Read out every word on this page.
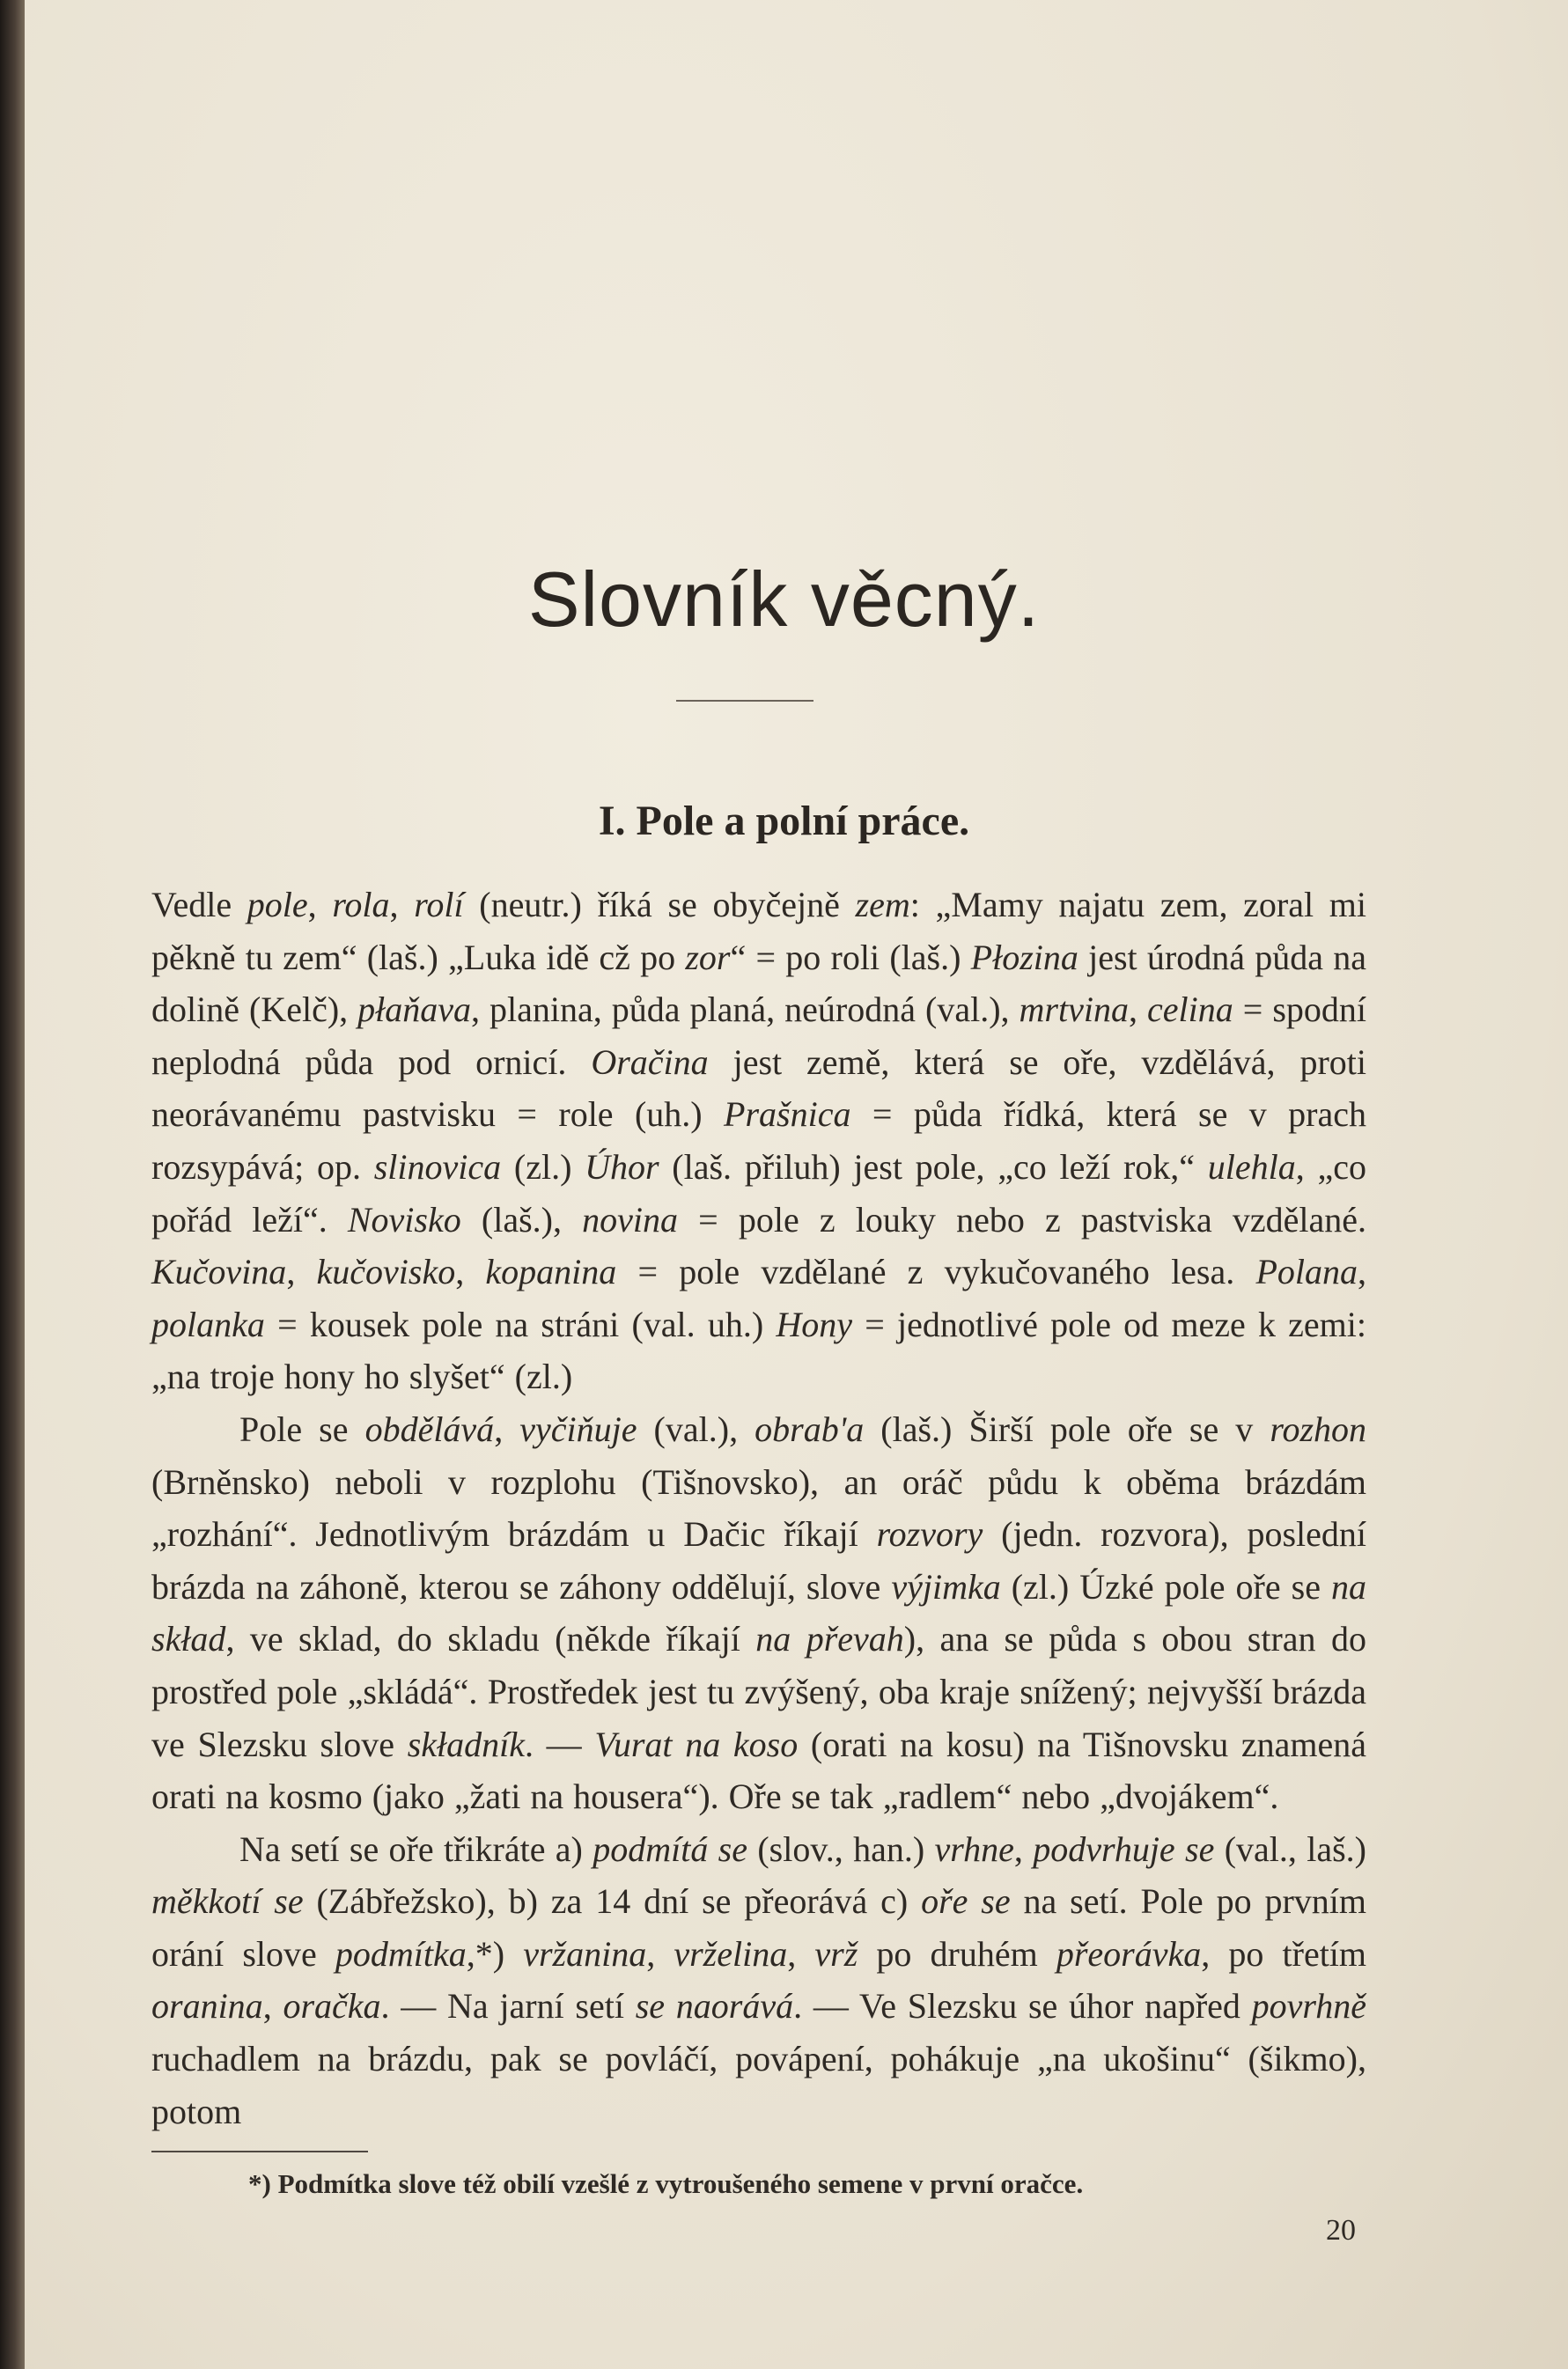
Slovník věcný.
I. Pole a polní práce.

Vedle pole, rola, rolí (neutr.) říká se obyčejně zem: „Mamy najatu zem, zoral mi pěkně tu zem“ (laš.) „Luka idě cž po zor“ = po roli (laš.) Płozina jest úrodná půda na dolině (Kelč), płaňava, planina, půda planá, neúrodná (val.), mrtvina, celina = spodní neplodná půda pod ornicí. Oračina jest země, která se oře, vzdělává, proti neorávanému pastvisku = role (uh.) Prašnica = půda řídká, která se v prach rozsypává; op. slinovica (zl.) Úhor (laš. přiluh) jest pole, „co leží rok,“ ulehla, „co pořád leží“. Novisko (laš.), novina = pole z louky nebo z pastviska vzdělané. Kučovina, kučovisko, kopanina = pole vzdělané z vykučovaného lesa. Polana, polanka = kousek pole na stráni (val. uh.) Hony = jednotlivé pole od meze k zemi: „na troje hony ho slyšet“ (zl.)

Pole se obdělává, vyčiňuje (val.), obrab'a (laš.) Širší pole oře se v rozhon (Brněnsko) neboli v rozplohu (Tišnovsko), an oráč půdu k oběma brázdám „rozhání“. Jednotlivým brázdám u Dačic říkají rozvory (jedn. rozvora), poslední brázda na záhoně, kterou se záhony oddělují, slove výjimka (zl.) Úzké pole oře se na skład, ve sklad, do skladu (někde říkají na převah), ana se půda s obou stran do prostřed pole „skládá“. Prostředek jest tu zvýšený, oba kraje snížený; nejvyšší brázda ve Slezsku slove składník. — Vurat na koso (orati na kosu) na Tišnovsku znamená orati na kosmo (jako „žati na housera“). Oře se tak „radlem“ nebo „dvojákem“.

Na setí se oře třikráte a) podmítá se (slov., han.) vrhne, podvrhuje se (val., laš.) měkkotí se (Zábřežsko), b) za 14 dní se přeorává c) oře se na setí. Pole po prvním orání slove podmítka,*) vržanina, vrželina, vrž po druhém přeorávka, po třetím oranina, oračka. — Na jarní setí se naorává. — Ve Slezsku se úhor napřed povrhně ruchadlem na brázdu, pak se povláčí, povápení, pohákuje „na ukošinu“ (šikmo), potom

*) Podmítka slove též obilí vzešlé z vytroušeného semene v první oračce.
20
